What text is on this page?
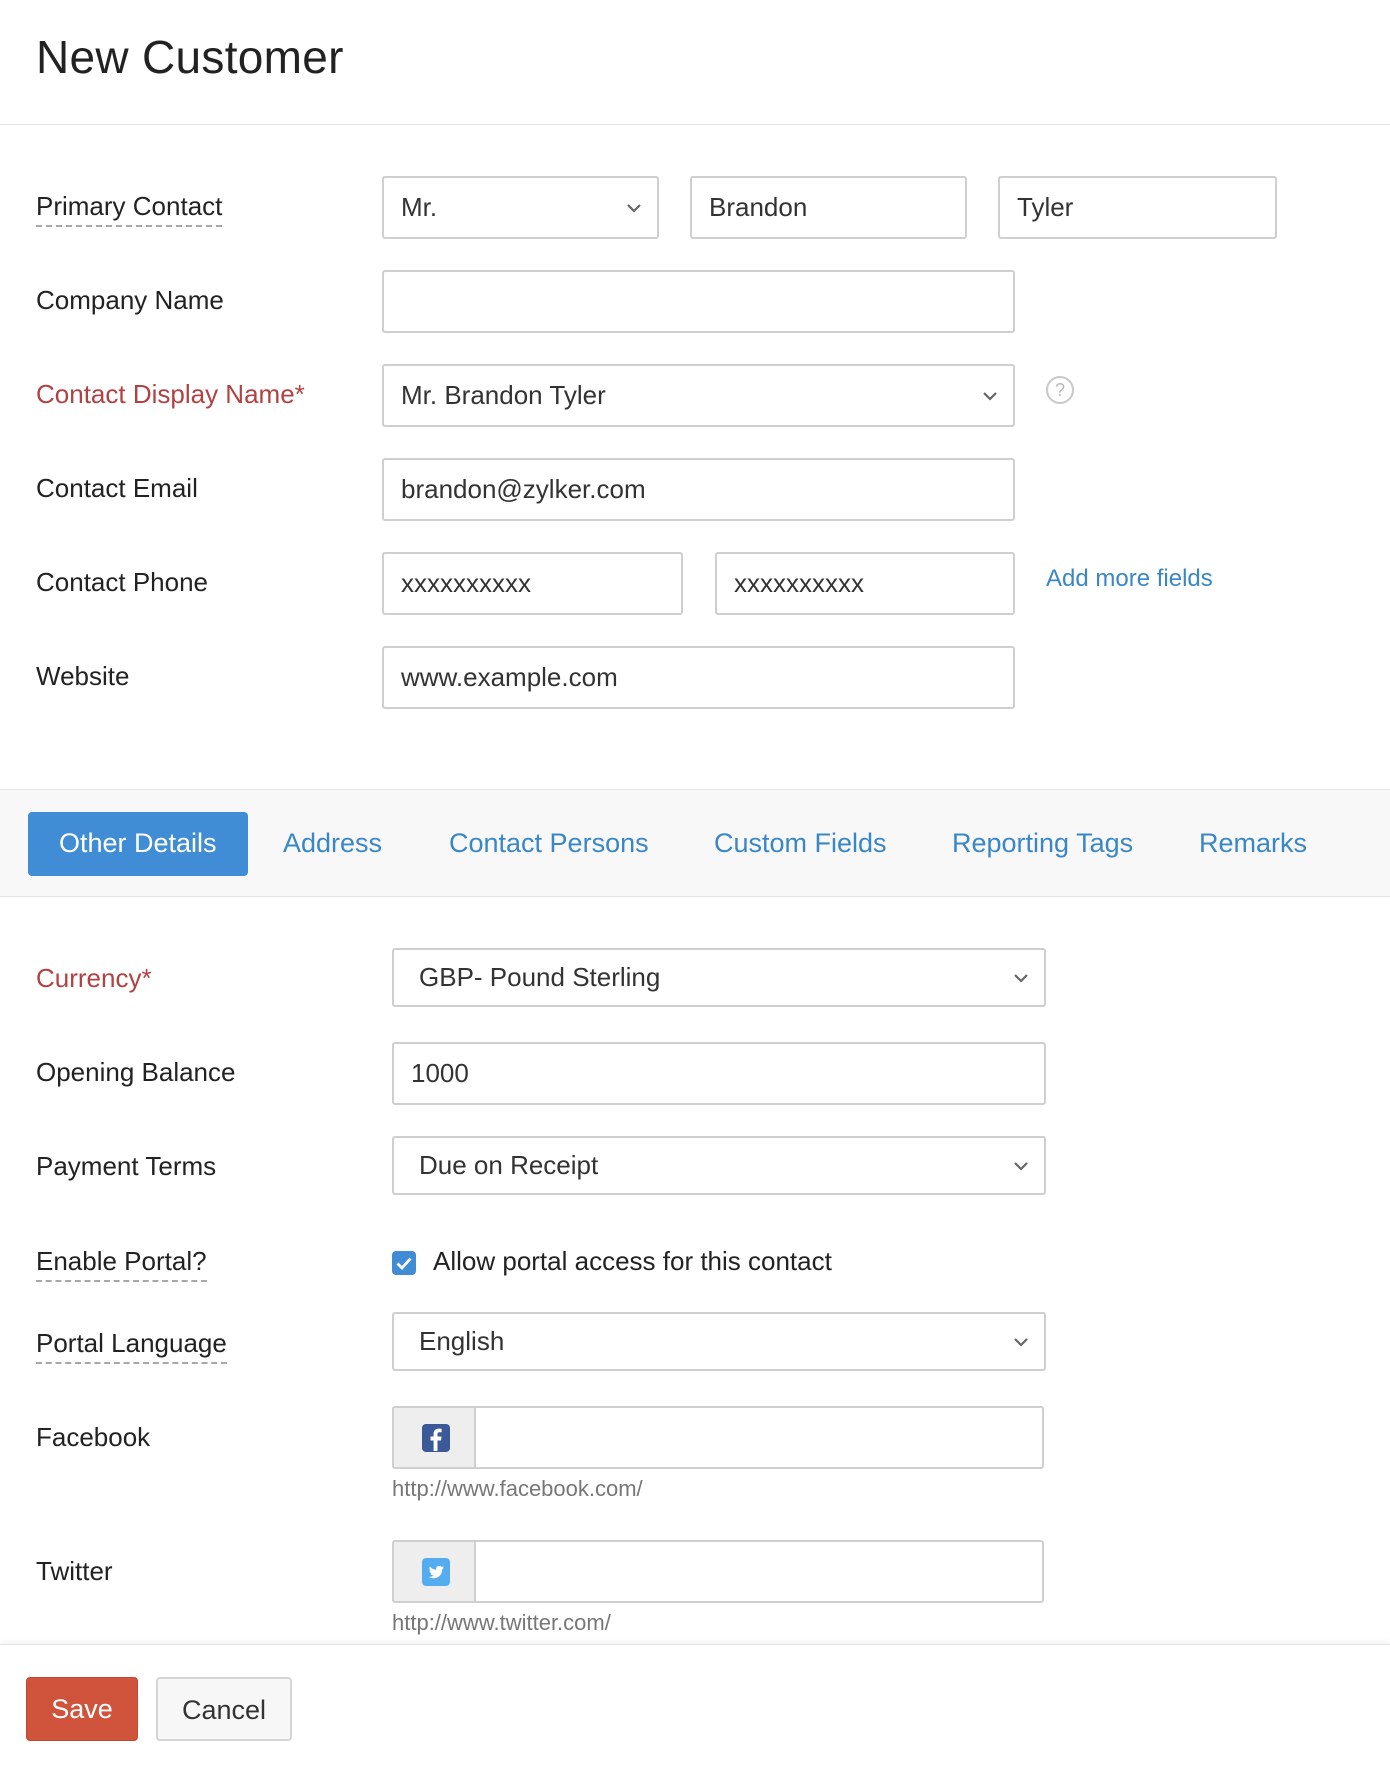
New Customer
Primary Contact	Mr.	Brandon	Tyler
Company Name
Contact Display Name*	Mr. Brandon Tyler	?
Contact Email	brandon@zylker.com
Contact Phone	xxxxxxxxxx	xxxxxxxxxx	Add more fields
Website	www.example.com
Other Details	Address Contact Persons Custom Fields Reporting Tags Remarks
Currency*	GBP- Pound Sterling
Opening Balance	1000
Payment Terms	Due on Receipt
Enable Portal?	Allow portal access for this contact
Portal Language	English
Facebook
http://www.facebook.com/
Twitter
http://www.twitter.com/
Save	Cancel
